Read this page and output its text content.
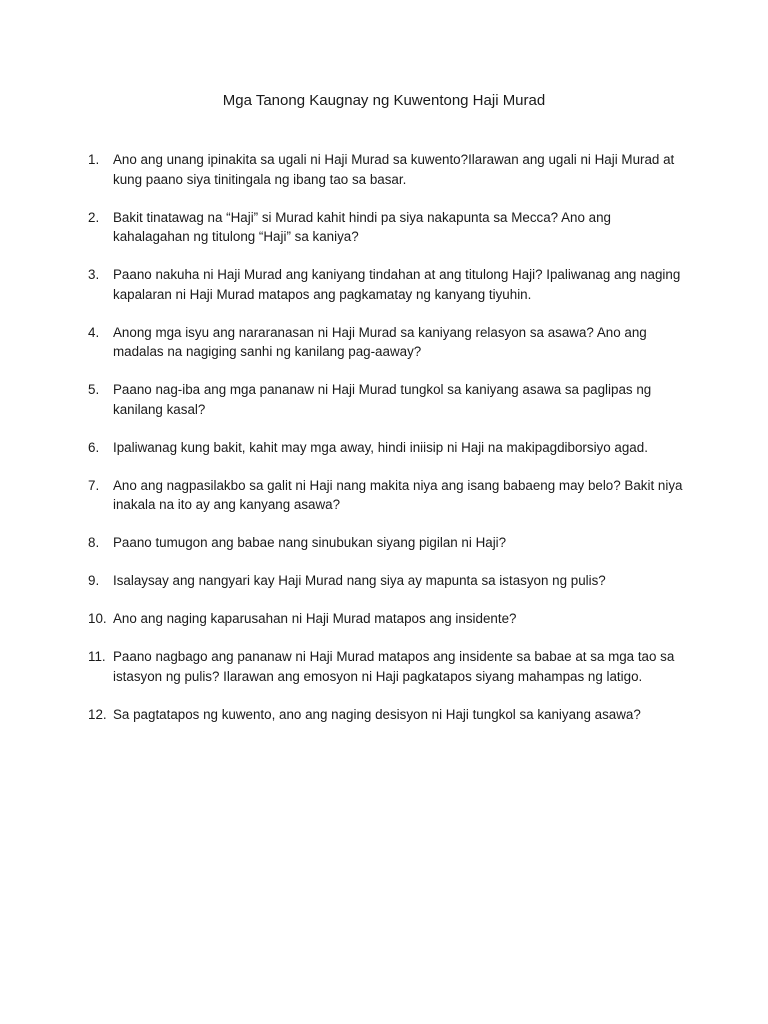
Mga Tanong Kaugnay ng Kuwentong Haji Murad
1.	Ano ang unang ipinakita sa ugali ni Haji Murad sa kuwento?Ilarawan ang ugali ni Haji Murad at kung paano siya tinitingala ng ibang tao sa basar.
2.	Bakit tinatawag na “Haji” si Murad kahit hindi pa siya nakapunta sa Mecca? Ano ang kahalagahan ng titulong “Haji” sa kaniya?
3.	Paano nakuha ni Haji Murad ang kaniyang tindahan at ang titulong Haji? Ipaliwanag ang naging kapalaran ni Haji Murad matapos ang pagkamatay ng kanyang tiyuhin.
4.	Anong mga isyu ang nararanasan ni Haji Murad sa kaniyang relasyon sa asawa? Ano ang madalas na nagiging sanhi ng kanilang pag-aaway?
5.	Paano nag-iba ang mga pananaw ni Haji Murad tungkol sa kaniyang asawa sa paglipas ng kanilang kasal?
6.	Ipaliwanag kung bakit, kahit may mga away, hindi iniisip ni Haji na makipagdiborsiyo agad.
7.	Ano ang nagpasilakbo sa galit ni Haji nang makita niya ang isang babaeng may belo? Bakit niya inakala na ito ay ang kanyang asawa?
8.	Paano tumugon ang babae nang sinubukan siyang pigilan ni Haji?
9.	Isalaysay ang nangyari kay Haji Murad nang siya ay mapunta sa istasyon ng pulis?
10. Ano ang naging kaparusahan ni Haji Murad matapos ang insidente?
11. Paano nagbago ang pananaw ni Haji Murad matapos ang insidente sa babae at sa mga tao sa istasyon ng pulis? Ilarawan ang emosyon ni Haji pagkatapos siyang mahampas ng latigo.
12. Sa pagtatapos ng kuwento, ano ang naging desisyon ni Haji tungkol sa kaniyang asawa?
